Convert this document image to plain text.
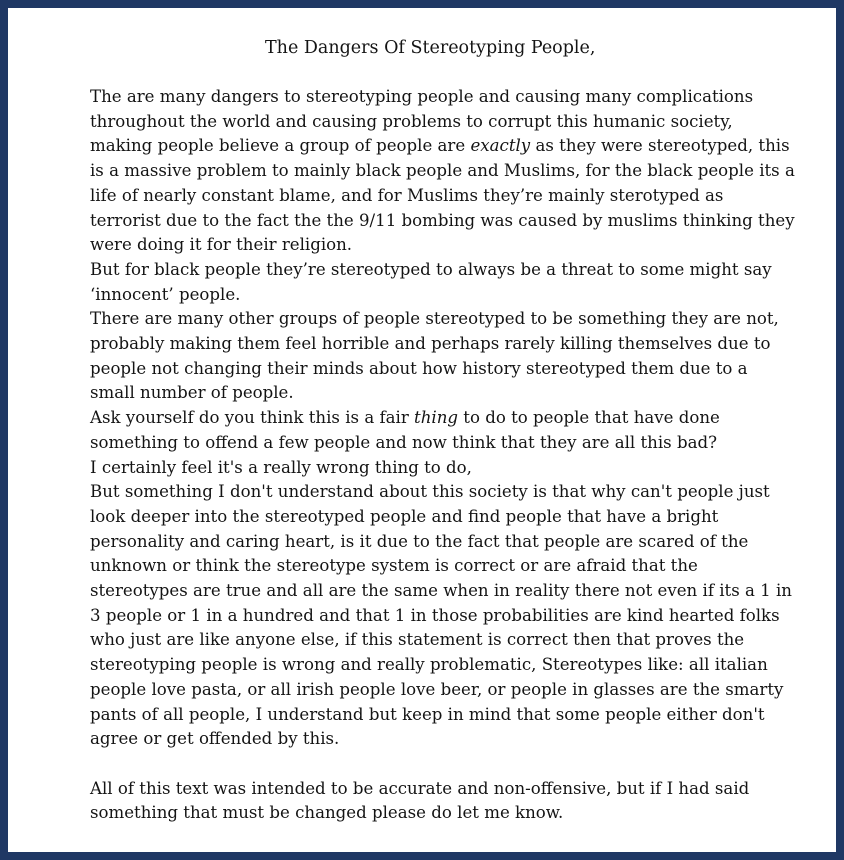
The Dangers Of Stereotyping People,

The are many dangers to stereotyping people and causing many complications throughout the world and causing problems to corrupt this humanic society, making people believe a group of people are exactly as they were stereotyped, this is a massive problem to mainly black people and Muslims, for the black people its a life of nearly constant blame, and for Muslims they’re mainly sterotyped as terrorist due to the fact the the 9/11 bombing was caused by muslims thinking they were doing it for their religion.

But for black people they’re stereotyped to always be a threat to some might say ‘innocent’ people.

There are many other groups of people stereotyped to be something they are not, probably making them feel horrible and perhaps rarely killing themselves due to people not changing their minds about how history stereotyped them due to a small number of people.

Ask yourself do you think this is a fair thing to do to people that have done something to offend a few people and now think that they are all this bad?

I certainly feel it's a really wrong thing to do,

But something I don't understand about this society is that why can't people just look deeper into the stereotyped people and find people that have a bright personality and caring heart, is it due to the fact that people are scared of the unknown or think the stereotype system is correct or are afraid that the stereotypes are true and all are the same when in reality there not even if its a 1 in 3 people or 1 in a hundred and that 1 in those probabilities are kind hearted folks who just are like anyone else, if this statement is correct then that proves the stereotyping people is wrong and really problematic, Stereotypes like: all italian people love pasta, or all irish people love beer, or people in glasses are the smarty pants of all people, I understand but keep in mind that some people either don't agree or get offended by this.

All of this text was intended to be accurate and non-offensive, but if I had said something that must be changed please do let me know.
